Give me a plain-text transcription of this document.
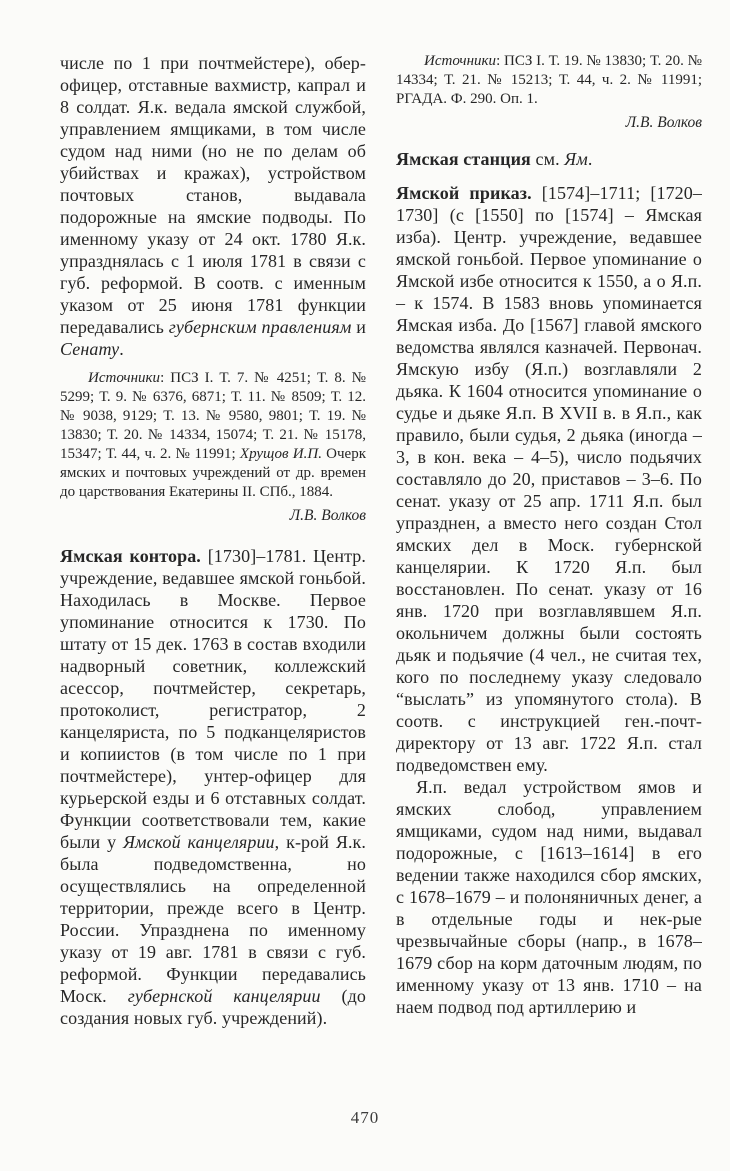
числе по 1 при почтмейстере), обер-офицер, отставные вахмистр, капрал и 8 солдат. Я.к. ведала ямской службой, управлением ямщиками, в том числе судом над ними (но не по делам об убийствах и кражах), устройством почтовых станов, выдавала подорожные на ямские подводы. По именному указу от 24 окт. 1780 Я.к. упразднялась с 1 июля 1781 в связи с губ. реформой. В соотв. с именным указом от 25 июня 1781 функции передавались губернским правлениям и Сенату.

Источники: ПСЗ I. Т. 7. № 4251; Т. 8. № 5299; Т. 9. № 6376, 6871; Т. 11. № 8509; Т. 12. № 9038, 9129; Т. 13. № 9580, 9801; Т. 19. № 13830; Т. 20. № 14334, 15074; Т. 21. № 15178, 15347; Т. 44, ч. 2. № 11991; Хрущов И.П. Очерк ямских и почтовых учреждений от др. времен до царствования Екатерины II. СПб., 1884.

Л.В. Волков

Ямская контора. [1730]–1781. Центр. учреждение, ведавшее ямской гоньбой. Находилась в Москве. Первое упоминание относится к 1730. По штату от 15 дек. 1763 в состав входили надворный советник, коллежский асессор, почтмейстер, секретарь, протоколист, регистратор, 2 канцеляриста, по 5 подканцеляристов и копиистов (в том числе по 1 при почтмейстере), унтер-офицер для курьерской езды и 6 отставных солдат. Функции соответствовали тем, какие были у Ямской канцелярии, к-рой Я.к. была подведомственна, но осуществлялись на определенной территории, прежде всего в Центр. России. Упразднена по именному указу от 19 авг. 1781 в связи с губ. реформой. Функции передавались Моск. губернской канцелярии (до создания новых губ. учреждений).

Источники: ПСЗ I. Т. 19. № 13830; Т. 20. № 14334; Т. 21. № 15213; Т. 44, ч. 2. № 11991; РГАДА. Ф. 290. Оп. 1.

Л.В. Волков

Ямская станция см. Ям.

Ямской приказ. [1574]–1711; [1720–1730] (с [1550] по [1574] – Ямская изба). Центр. учреждение, ведавшее ямской гоньбой. Первое упоминание о Ямской избе относится к 1550, а о Я.п. – к 1574. В 1583 вновь упоминается Ямская изба. До [1567] главой ямского ведомства являлся казначей. Первонач. Ямскую избу (Я.п.) возглавляли 2 дьяка. К 1604 относится упоминание о судье и дьяке Я.п. В XVII в. в Я.п., как правило, были судья, 2 дьяка (иногда – 3, в кон. века – 4–5), число подьячих составляло до 20, приставов – 3–6. По сенат. указу от 25 апр. 1711 Я.п. был упразднен, а вместо него создан Стол ямских дел в Моск. губернской канцелярии. К 1720 Я.п. был восстановлен. По сенат. указу от 16 янв. 1720 при возглавлявшем Я.п. окольничем должны были состоять дьяк и подьячие (4 чел., не считая тех, кого по последнему указу следовало “выслать” из упомянутого стола). В соотв. с инструкцией ген.-почт-директору от 13 авг. 1722 Я.п. стал подведомствен ему.

Я.п. ведал устройством ямов и ямских слобод, управлением ямщиками, судом над ними, выдавал подорожные, с [1613–1614] в его ведении также находился сбор ямских, с 1678–1679 – и полоняничных денег, а в отдельные годы и нек-рые чрезвычайные сборы (напр., в 1678–1679 сбор на корм даточным людям, по именному указу от 13 янв. 1710 – на наем подвод под артиллерию и

470
